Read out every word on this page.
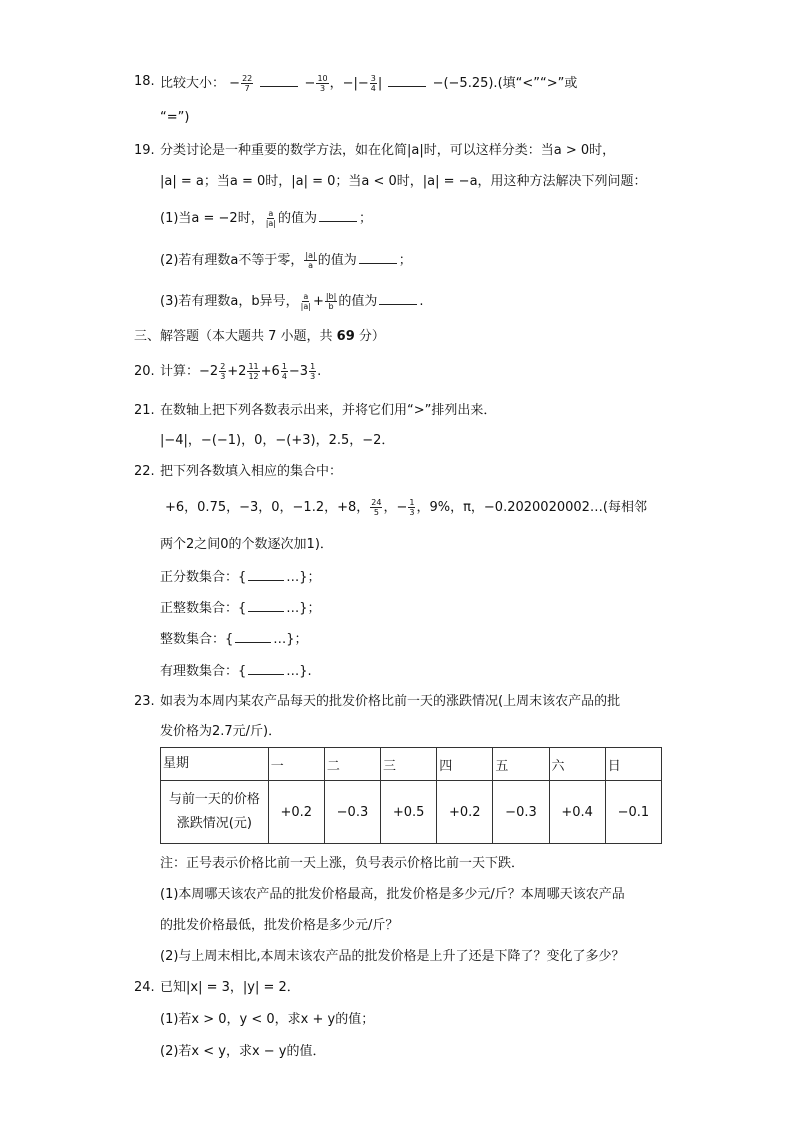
18. 比较大小： − $\frac{22}{7}$	− $\frac{10}{3}$ ，−|− $\frac{3}{4}$ |	−(−5.25).(填“<”“>”或
“=”)
19. 分类讨论是一种重要的数学方法，如在化简|a|时，可以这样分类：当a > 0时，
|a| = a；当a = 0时，|a| = 0；当a < 0时，|a| = −a，用这种方法解决下列问题：
(1)当a = −2时， $\frac{a}{|a|}$ 的值为	；
(2)若有理数a不等于零， $\frac{|a|}{a}$ 的值为	；
(3)若有理数a，b异号， $\frac{a}{|a|} + \frac{|b|}{b}$ 的值为	.
三、解答题（本大题共 7 小题，共 69 分）
20. 计算：$-2 \frac{2}{3} +2 \frac{11}{12} +6 \frac{1}{4} -3 \frac{1}{3}$ .
21. 在数轴上把下列各数表示出来，并将它们用“>”排列出来．
|−4|，−(−1)，0，−(+3)，2.5，−2．
22. 把下列各数填入相应的集合中：
+6，0.75，−3，0，−1.2，+8， $\frac{24}{5}$ ，− $\frac{1}{3}$ ，9%，π，−0.2020020002…(每相邻
两个2之间0的个数逐次加1)．
正分数集合：{	…}；
正整数集合：{	…}；
整数集合：{	…}；
有理数集合：{	…}.
23. 如表为本周内某农产品每天的批发价格比前一天的涨跌情况(上周末该农产品的批
发价格为2.7元/斤)．
星期	一	二	三	四	五	六	日

与前一天的价格
涨跌情况(元)	+0.2	−0.3	+0.5	+0.2	−0.3	+0.4	−0.1
注：正号表示价格比前一天上涨，负号表示价格比前一天下跌．
(1)本周哪天该农产品的批发价格最高，批发价格是多少元/斤？本周哪天该农产品
的批发价格最低，批发价格是多少元/斤？
(2)与上周末相比,本周末该农产品的批发价格是上升了还是下降了？变化了多少？
24. 已知|x| = 3，|y| = 2．
(1)若x > 0，y < 0，求x + y的值；
(2)若x < y，求x − y的值．
